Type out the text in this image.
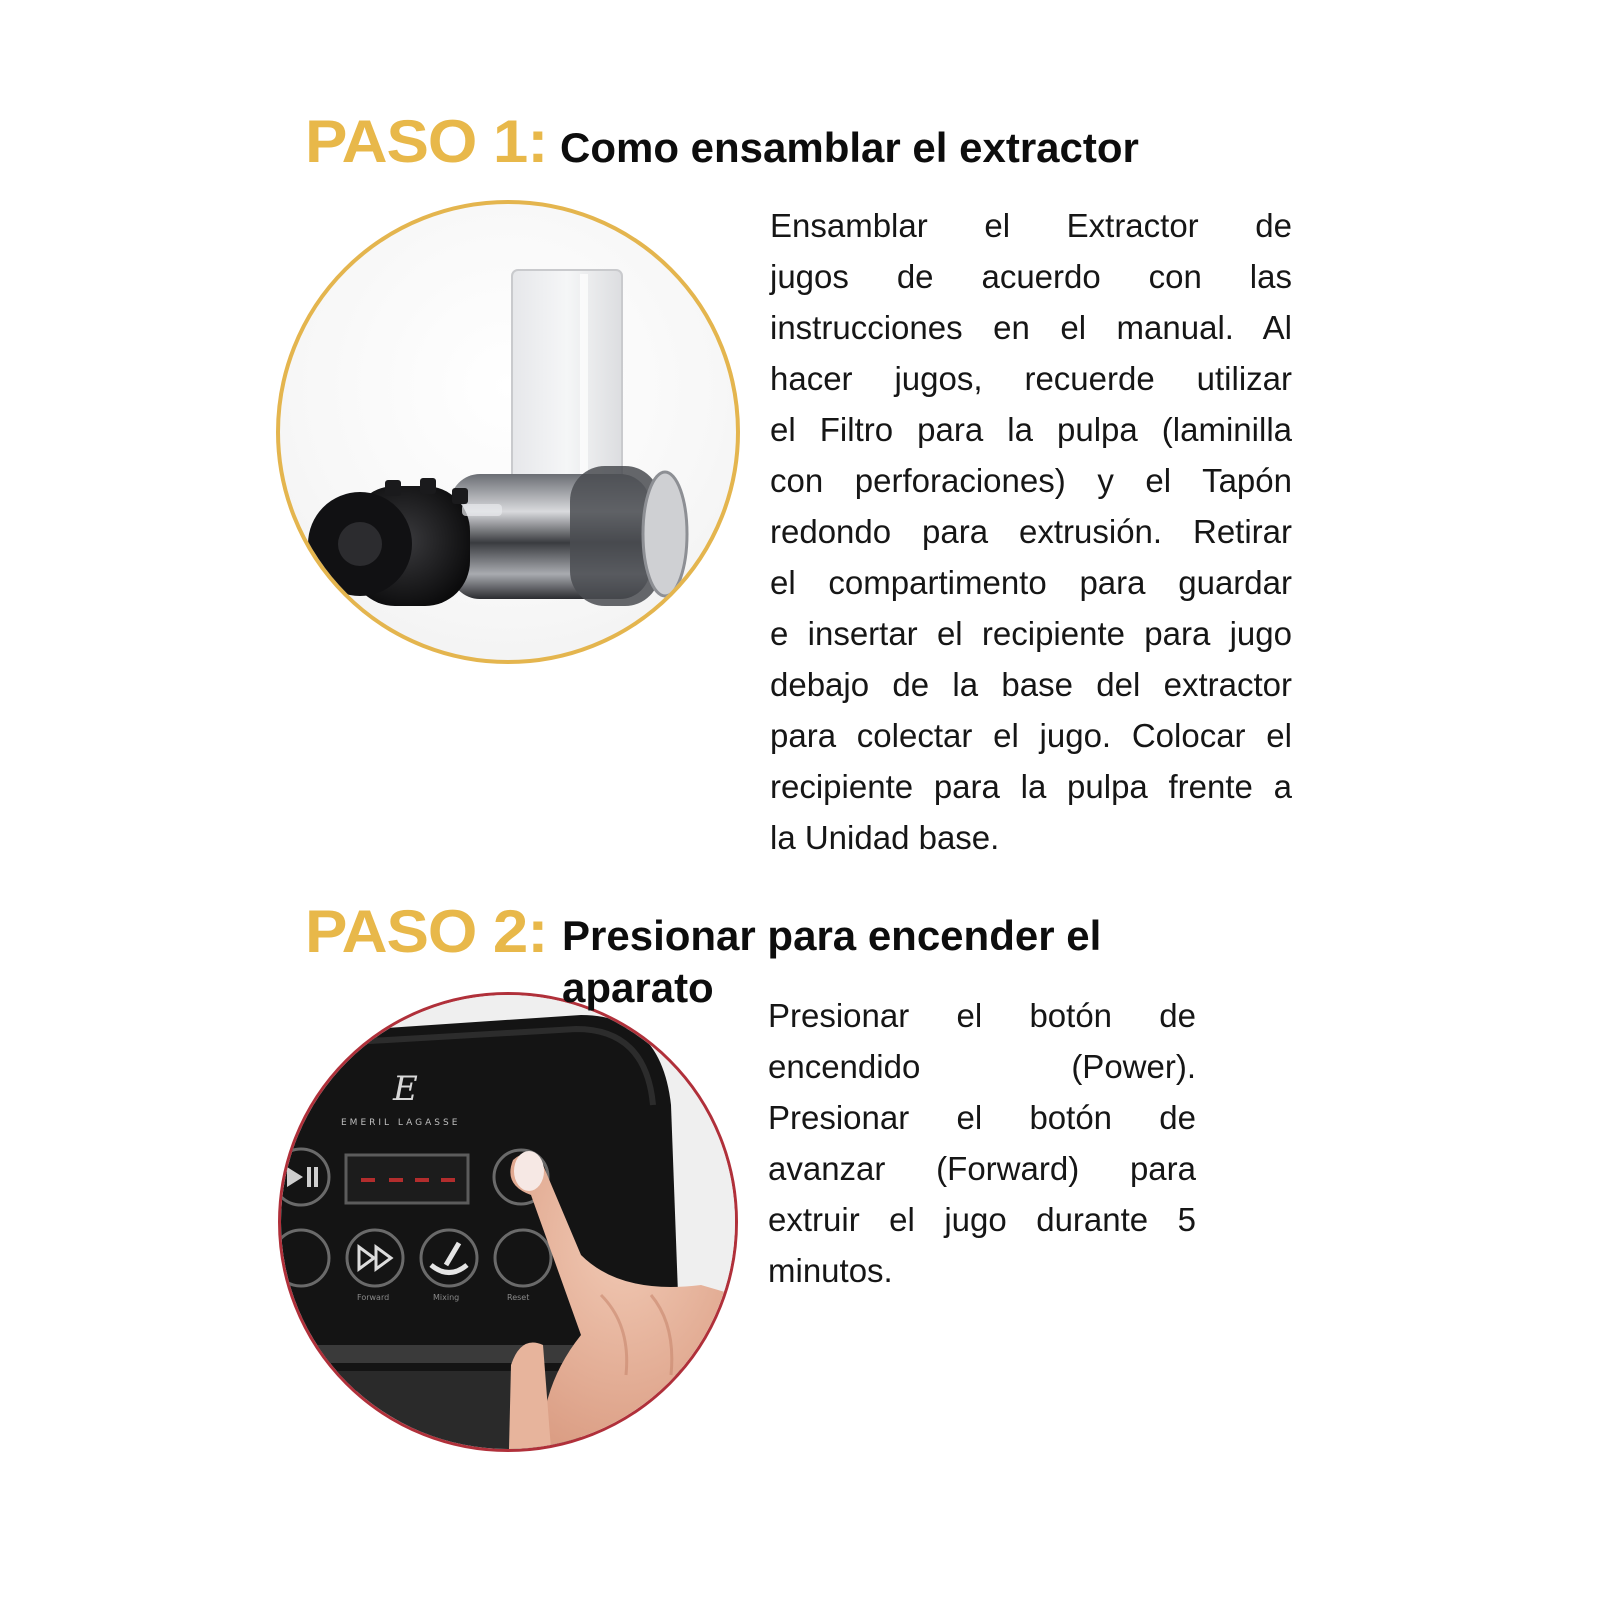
PASO 1: Como ensamblar el extractor
Ensamblar el Extractor de
jugos de acuerdo con las
instrucciones en el manual. Al
hacer jugos, recuerde utilizar
el Filtro para la pulpa (laminilla
con perforaciones) y el Tapón
redondo para extrusión. Retirar
el compartimento para guardar
e insertar el recipiente para jugo
debajo de la base del extractor
para colectar el jugo. Colocar el
recipiente para la pulpa frente a
la Unidad base.
E
EMERIL LAGASSE
Forward	Mixing	Reset
PASO 2: Presionar para encender el
aparato
Presionar el botón de
encendido (Power).
Presionar el botón de
avanzar (Forward) para
extruir el jugo durante 5
minutos.
